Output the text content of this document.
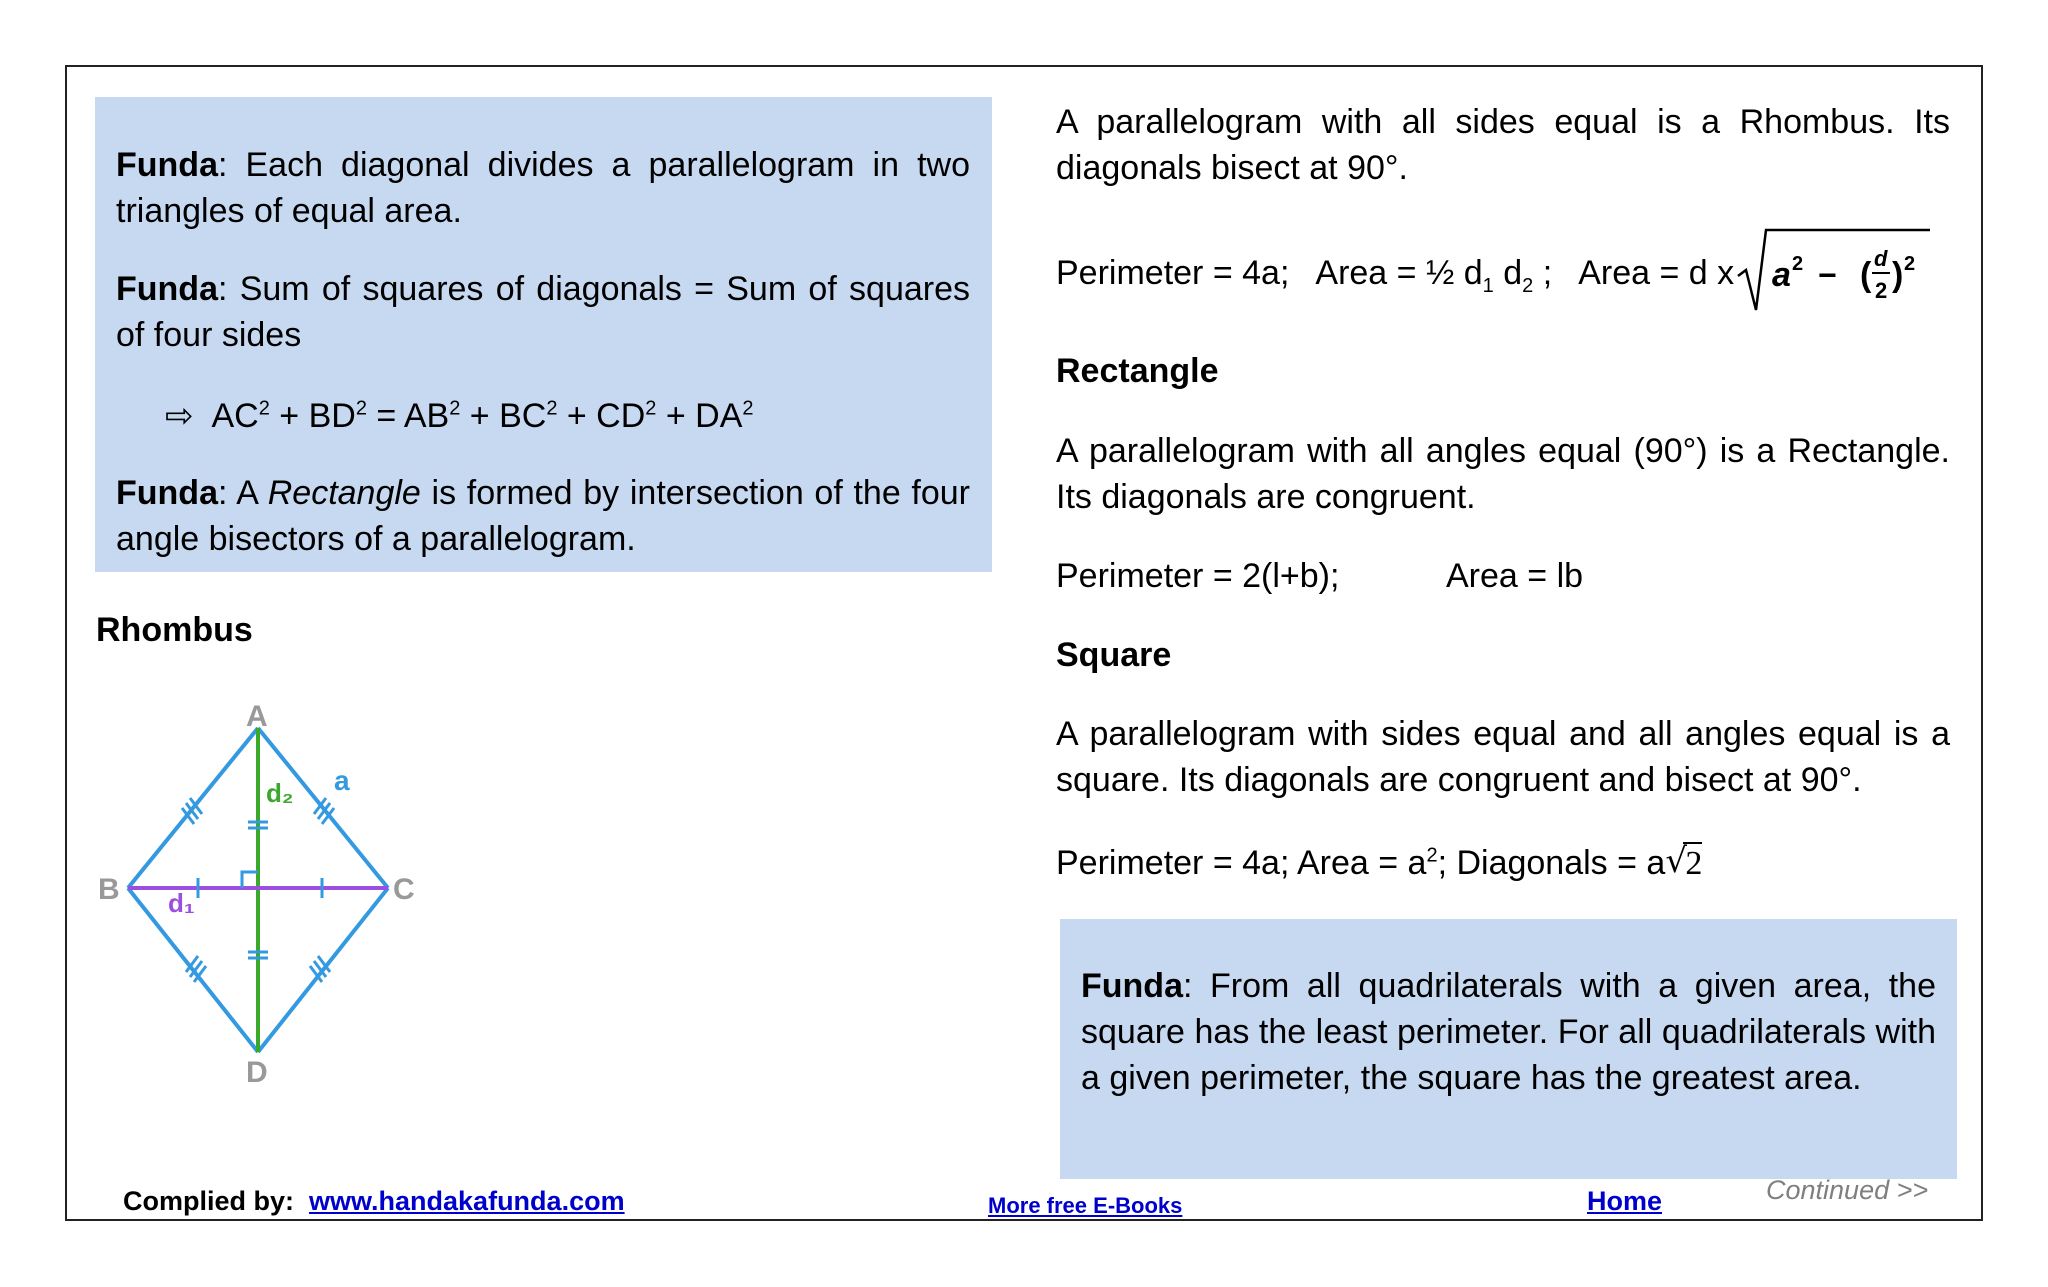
Funda: Each diagonal divides a parallelogram in two triangles of equal area.
Funda: Sum of squares of diagonals = Sum of squares of four sides
⇨ $AC^2 + BD^2 = AB^2 + BC^2 + CD^2 + DA^2$
Funda: A Rectangle is formed by intersection of the four angle bisectors of a parallelogram.
Rhombus
A
B	C
D
a
d₁
d₂
A parallelogram with all sides equal is a Rhombus. Its diagonals bisect at 90°.
Perimeter = 4a; Area = ½ $d_1$ $d_2$ ; Area = d x a 2 − ( d
2 ) 2
Rectangle
A parallelogram with all angles equal (90°) is a Rectangle. Its diagonals are congruent.
Perimeter = 2(l+b);	Area = lb
Square
A parallelogram with sides equal and all angles equal is a square. Its diagonals are congruent and bisect at 90°.
Perimeter = 4a; Area = $a^2$; Diagonals = a √
2
Funda: From all quadrilaterals with a given area, the square has the least perimeter. For all quadrilaterals with a given perimeter, the square has the greatest area.
Complied by: www.handakafunda.com	More free E-Books	Home	Continued >>
